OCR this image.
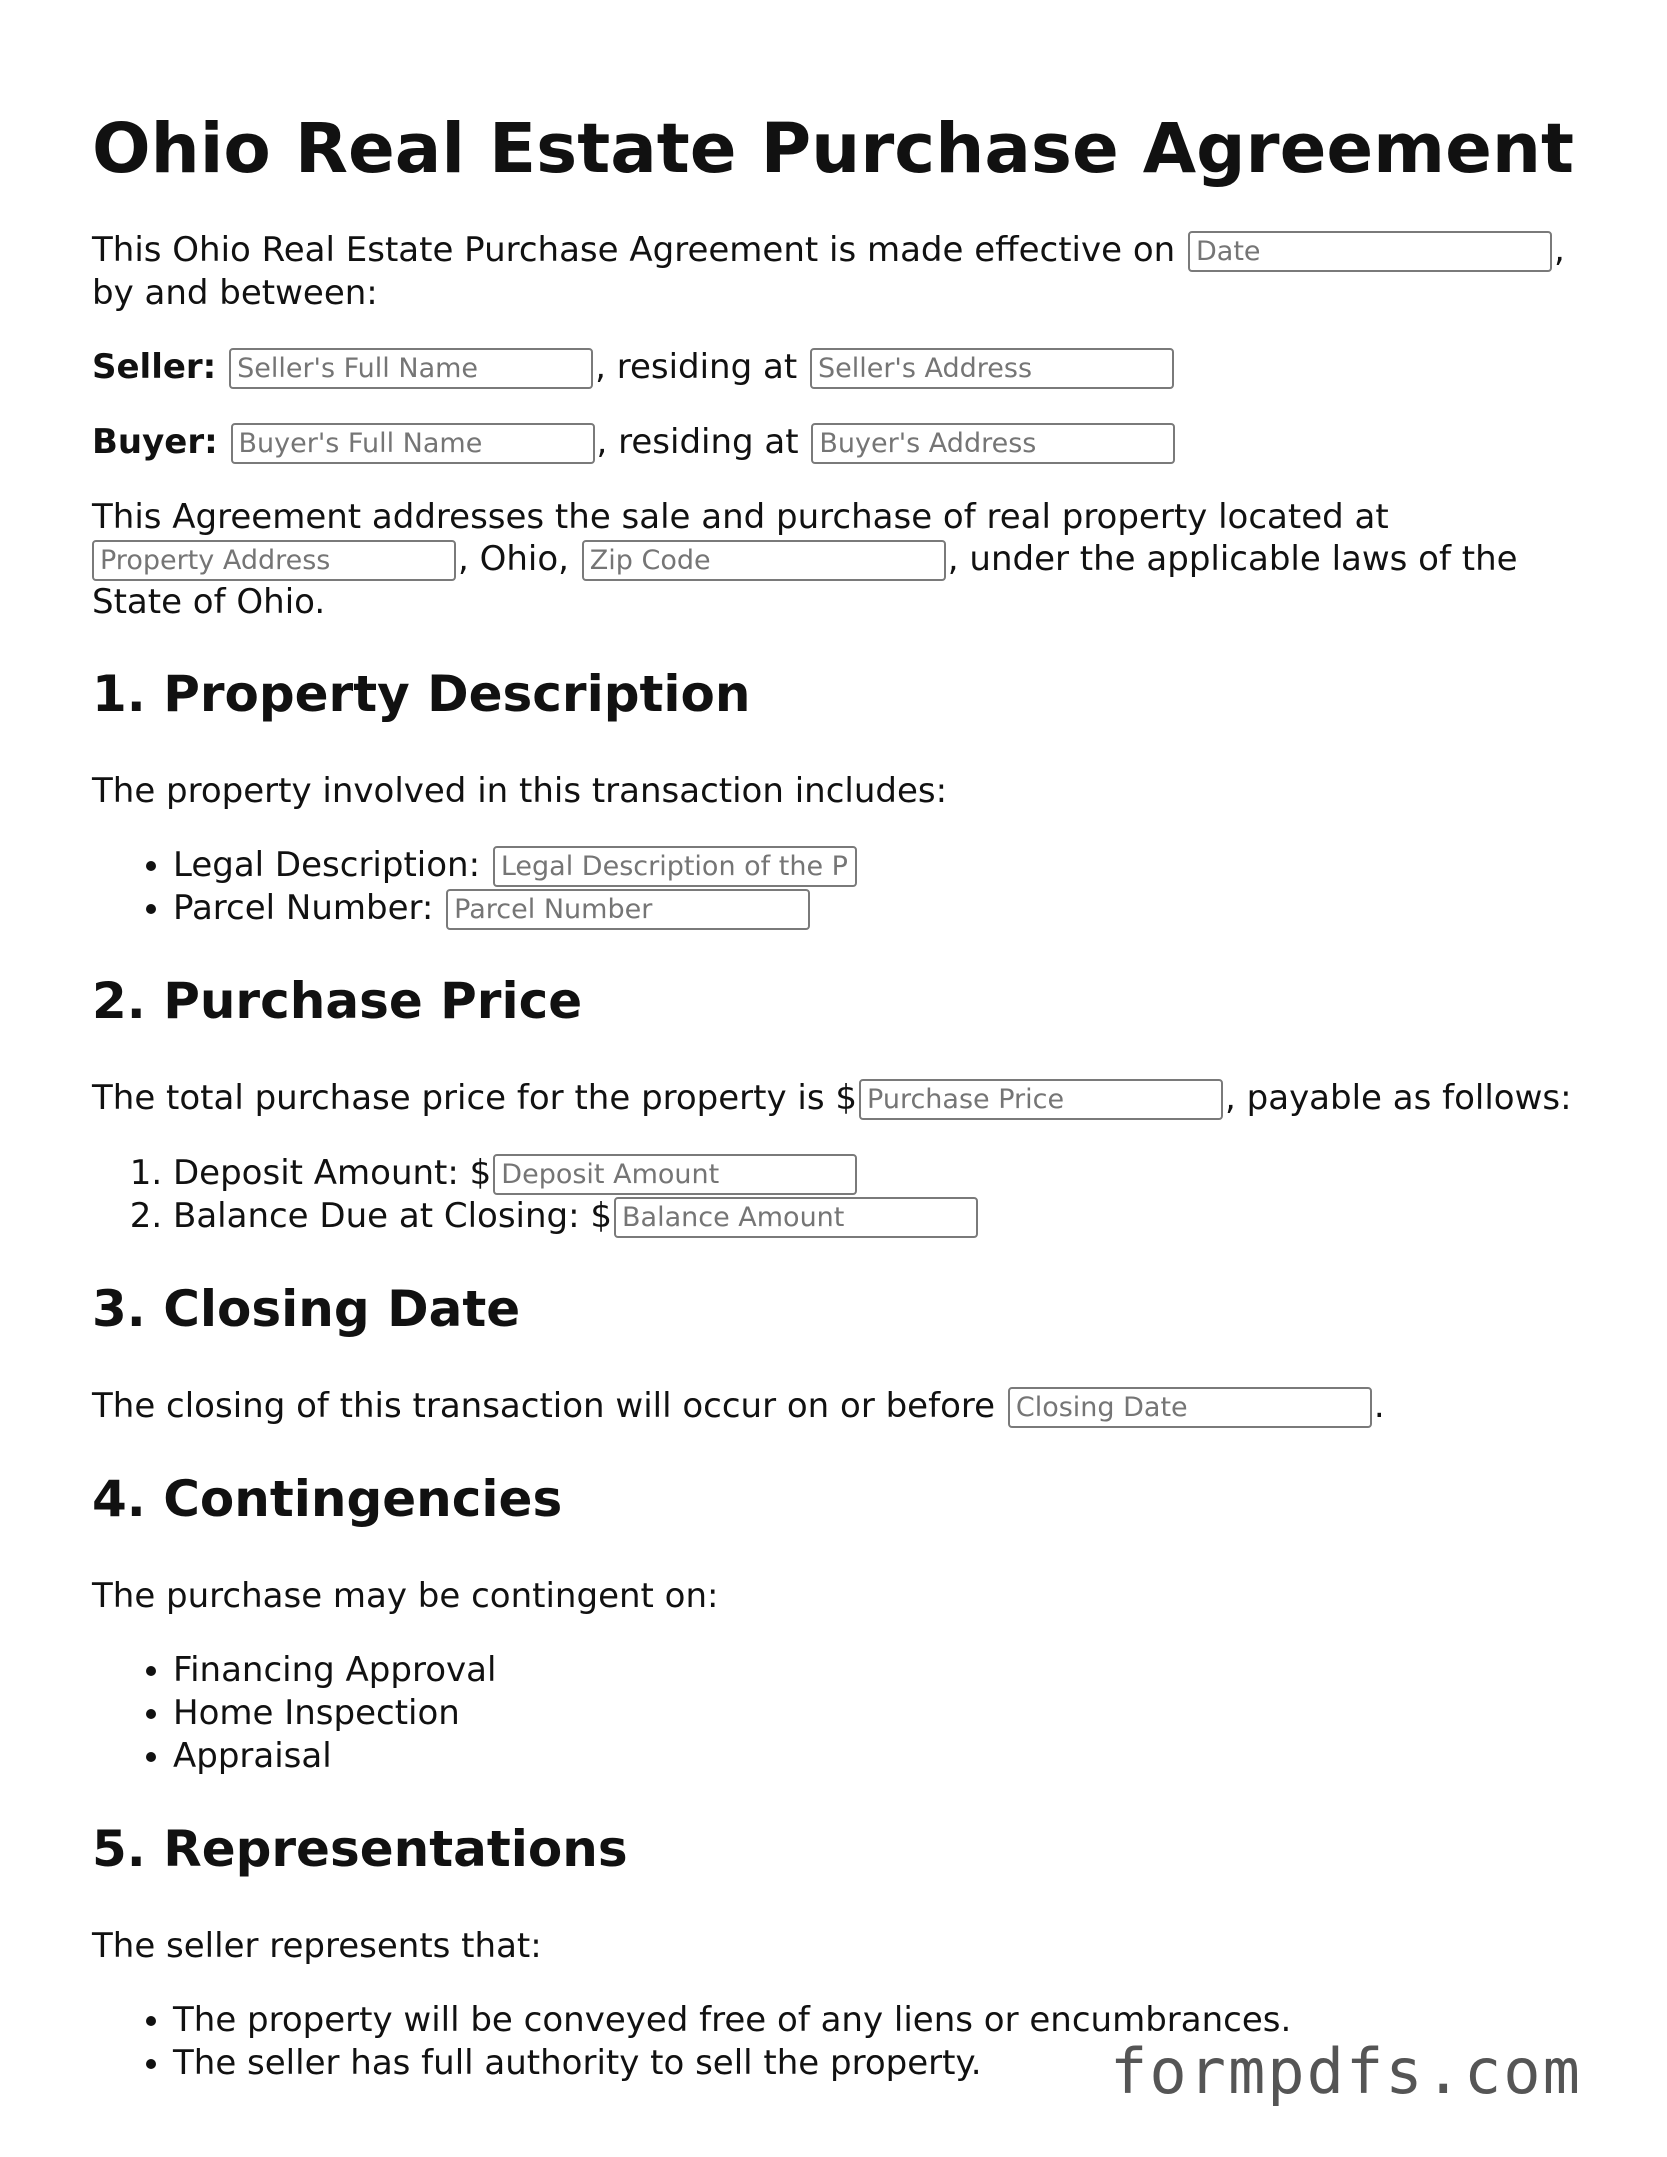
Ohio Real Estate Purchase Agreement

This Ohio Real Estate Purchase Agreement is made effective on Date	, by and between:

Seller: Seller's Full Name	, residing at Seller's Address

Buyer: Buyer's Full Name	, residing at Buyer's Address

This Agreement addresses the sale and purchase of real property located at
Property Address, Ohio, Zip Code	, under the applicable laws of the State of Ohio.

1. Property Description

The property involved in this transaction includes:

• Legal Description: Legal Description of the Property
• Parcel Number: Parcel Number
2. Purchase Price

The total purchase price for the property is $Purchase Price	, payable as follows:

1. Deposit Amount: $Deposit Amount
2. Balance Due at Closing: $Balance Amount
3. Closing Date

The closing of this transaction will occur on or before Closing Date	.

4. Contingencies

The purchase may be contingent on:

• Financing Approval
• Home Inspection
• Appraisal
5. Representations

The seller represents that:

• The property will be conveyed free of any liens or encumbrances.
• The seller has full authority to sell the property.	formpdfs.com
